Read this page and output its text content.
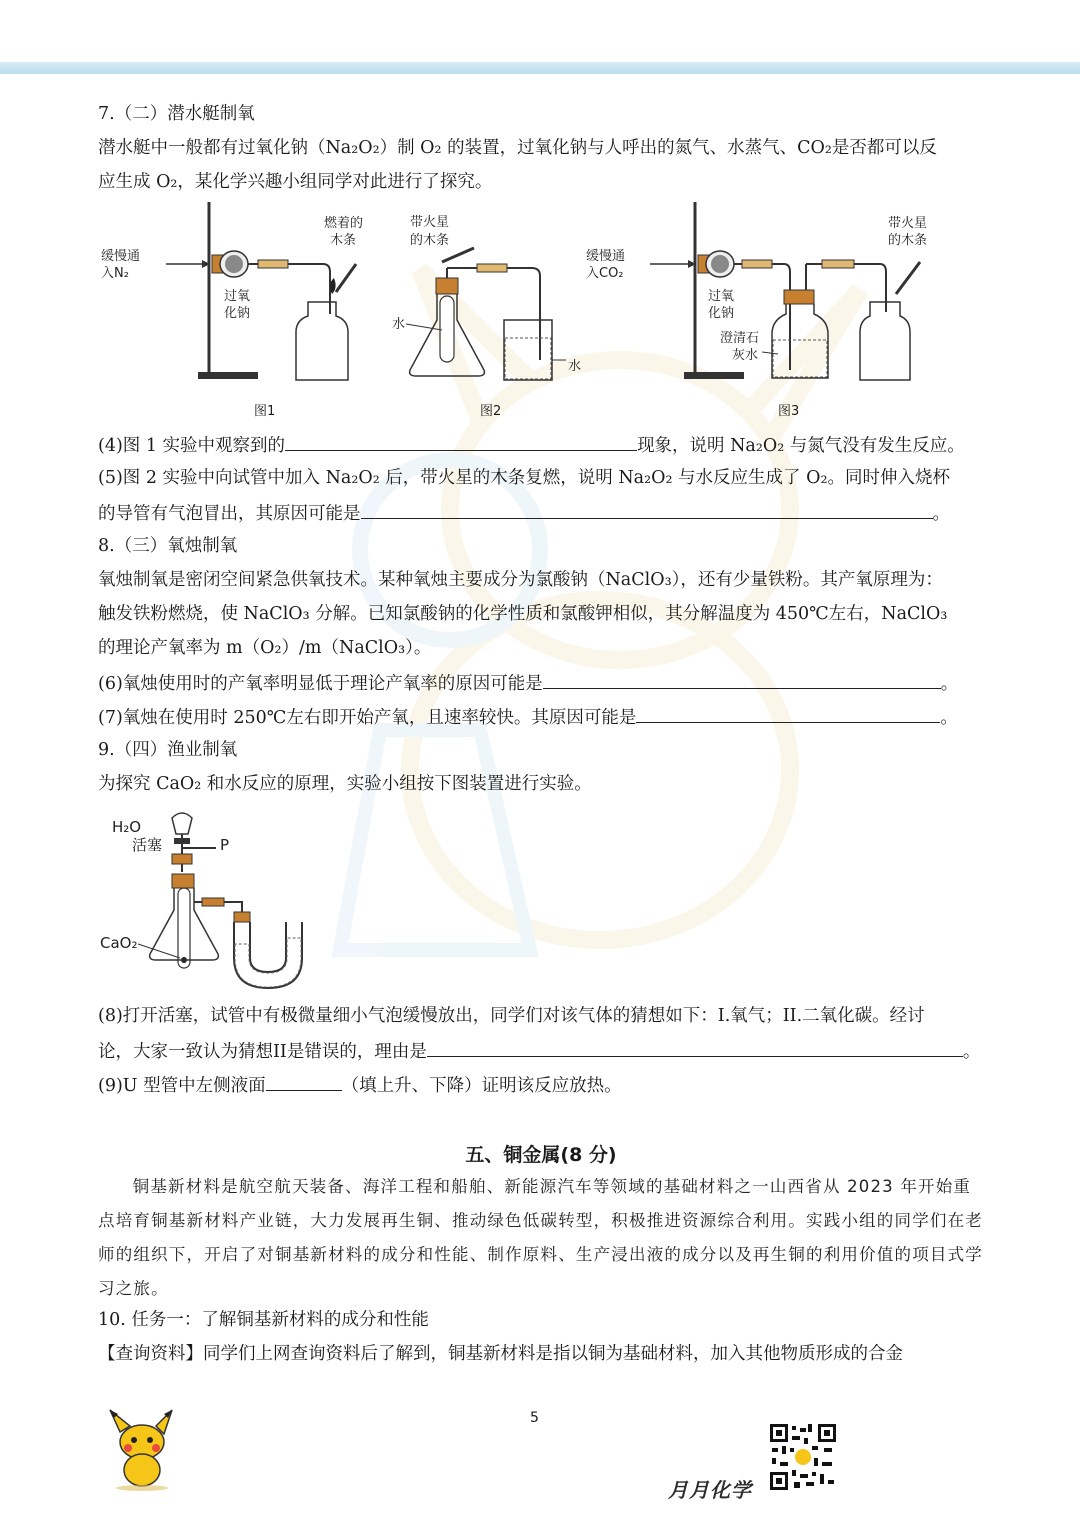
7.（二）潜水艇制氧
潜水艇中一般都有过氧化钠（Na₂O₂）制 O₂ 的装置，过氧化钠与人呼出的氮气、水蒸气、CO₂是否都可以反
应生成 O₂，某化学兴趣小组同学对此进行了探究。
缓慢通
入N₂
过氧
化钠
燃着的
木条
图1
带火星
的木条
水
水
图2
缓慢通
入CO₂
过氧
化钠
澄清石
灰水
带火星
的木条
图3
(4)图 1 实验中观察到的	现象，说明 Na₂O₂ 与氮气没有发生反应。
(5)图 2 实验中向试管中加入 Na₂O₂ 后，带火星的木条复燃，说明 Na₂O₂ 与水反应生成了 O₂。同时伸入烧杯
的导管有气泡冒出，其原因可能是	。
8.（三）氧烛制氧
氧烛制氧是密闭空间紧急供氧技术。某种氧烛主要成分为氯酸钠（NaClO₃），还有少量铁粉。其产氧原理为：
触发铁粉燃烧，使 NaClO₃ 分解。已知氯酸钠的化学性质和氯酸钾相似，其分解温度为 450℃左右，NaClO₃
的理论产氧率为 m（O₂）/m（NaClO₃）。
(6)氧烛使用时的产氧率明显低于理论产氧率的原因可能是	。
(7)氧烛在使用时 250℃左右即开始产氧，且速率较快。其原因可能是	。
9.（四）渔业制氧
为探究 CaO₂ 和水反应的原理，实验小组按下图装置进行实验。
H₂O
活塞	P
CaO₂
(8)打开活塞，试管中有极微量细小气泡缓慢放出，同学们对该气体的猜想如下：I.氧气；II.二氧化碳。经讨
论，大家一致认为猜想II是错误的，理由是	。
(9)U 型管中左侧液面	（填上升、下降）证明该反应放热。
五、铜金属(8 分)
铜基新材料是航空航天装备、海洋工程和船舶、新能源汽车等领域的基础材料之一山西省从 2023 年开始重点培育铜基新材料产业链，大力发展再生铜、推动绿色低碳转型，积极推进资源综合利用。实践小组的同学们在老师的组织下，开启了对铜基新材料的成分和性能、制作原料、生产浸出液的成分以及再生铜的利用价值的项目式学习之旅。
10. 任务一：了解铜基新材料的成分和性能
【查询资料】同学们上网查询资料后了解到，铜基新材料是指以铜为基础材料，加入其他物质形成的合金
5
月月化学
